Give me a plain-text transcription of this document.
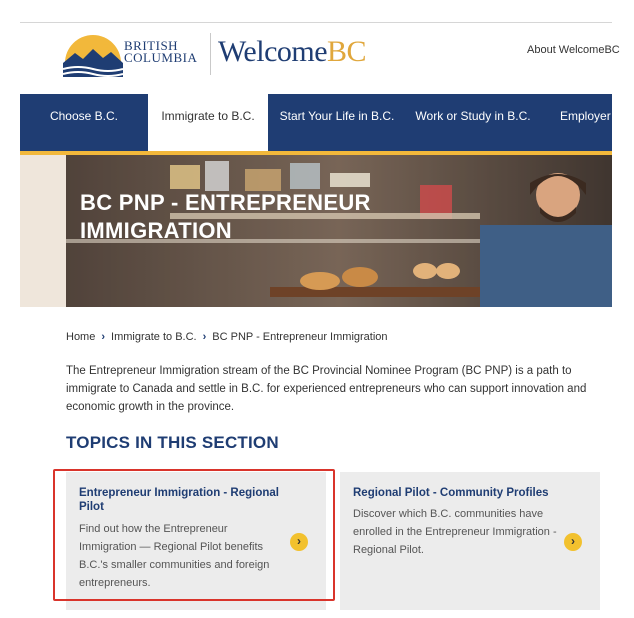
BRITISH
COLUMBIA WelcomeBC	About WelcomeBC
Choose B.C.	Immigrate to B.C.	Start Your Life in B.C.	Work or Study in B.C.	Employer
BC PNP - ENTREPRENEUR
IMMIGRATION
Home › Immigrate to B.C. › BC PNP - Entrepreneur Immigration
The Entrepreneur Immigration stream of the BC Provincial Nominee Program (BC PNP) is a path to immigrate to Canada and settle in B.C. for experienced entrepreneurs who can support innovation and economic growth in the province.
TOPICS IN THIS SECTION
Entrepreneur Immigration - Regional Pilot
Find out how the Entrepreneur Immigration — Regional Pilot benefits B.C.'s smaller communities and foreign entrepreneurs.
›
Regional Pilot - Community Profiles
Discover which B.C. communities have enrolled in the Entrepreneur Immigration - Regional Pilot.
›
